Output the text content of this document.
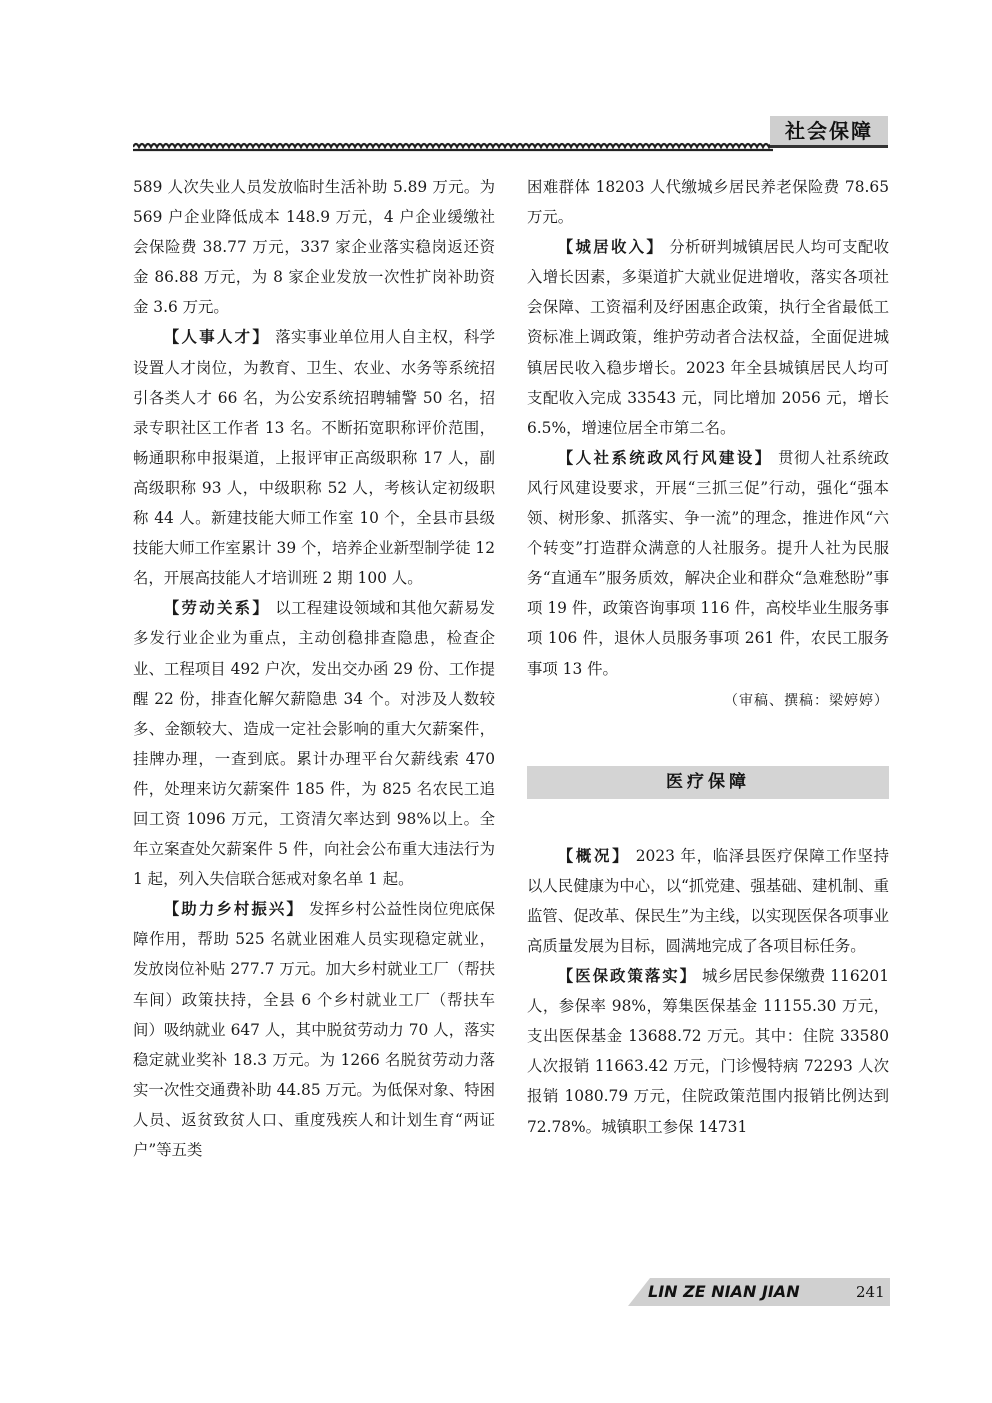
社会保障

589 人次失业人员发放临时生活补助 5.89 万元。为 569 户企业降低成本 148.9 万元，4 户企业缓缴社会保险费 38.77 万元，337 家企业落实稳岗返还资金 86.88 万元，为 8 家企业发放一次性扩岗补助资金 3.6 万元。

【人事人才】 落实事业单位用人自主权，科学设置人才岗位，为教育、卫生、农业、水务等系统招引各类人才 66 名，为公安系统招聘辅警 50 名，招录专职社区工作者 13 名。不断拓宽职称评价范围，畅通职称申报渠道，上报评审正高级职称 17 人，副高级职称 93 人，中级职称 52 人，考核认定初级职称 44 人。新建技能大师工作室 10 个，全县市县级技能大师工作室累计 39 个，培养企业新型制学徒 12 名，开展高技能人才培训班 2 期 100 人。

【劳动关系】 以工程建设领域和其他欠薪易发多发行业企业为重点，主动创稳排查隐患，检查企业、工程项目 492 户次，发出交办函 29 份、工作提醒 22 份，排查化解欠薪隐患 34 个。对涉及人数较多、金额较大、造成一定社会影响的重大欠薪案件，挂牌办理，一查到底。累计办理平台欠薪线索 470 件，处理来访欠薪案件 185 件，为 825 名农民工追回工资 1096 万元，工资清欠率达到 98%以上。全年立案查处欠薪案件 5 件，向社会公布重大违法行为 1 起，列入失信联合惩戒对象名单 1 起。

【助力乡村振兴】 发挥乡村公益性岗位兜底保障作用，帮助 525 名就业困难人员实现稳定就业，发放岗位补贴 277.7 万元。加大乡村就业工厂（帮扶车间）政策扶持，全县 6 个乡村就业工厂（帮扶车间）吸纳就业 647 人，其中脱贫劳动力 70 人，落实稳定就业奖补 18.3 万元。为 1266 名脱贫劳动力落实一次性交通费补助 44.85 万元。为低保对象、特困人员、返贫致贫人口、重度残疾人和计划生育“两证户”等五类

困难群体 18203 人代缴城乡居民养老保险费 78.65 万元。

【城居收入】 分析研判城镇居民人均可支配收入增长因素，多渠道扩大就业促进增收，落实各项社会保障、工资福利及纾困惠企政策，执行全省最低工资标准上调政策，维护劳动者合法权益，全面促进城镇居民收入稳步增长。2023 年全县城镇居民人均可支配收入完成 33543 元，同比增加 2056 元，增长 6.5%，增速位居全市第二名。

【人社系统政风行风建设】 贯彻人社系统政风行风建设要求，开展“三抓三促”行动，强化“强本领、树形象、抓落实、争一流”的理念，推进作风“六个转变”打造群众满意的人社服务。提升人社为民服务“直通车”服务质效，解决企业和群众“急难愁盼”事项 19 件，政策咨询事项 116 件，高校毕业生服务事项 106 件，退休人员服务事项 261 件，农民工服务事项 13 件。

（审稿、撰稿：梁婷婷）

医疗保障

【概况】 2023 年，临泽县医疗保障工作坚持以人民健康为中心，以“抓党建、强基础、建机制、重监管、促改革、保民生”为主线，以实现医保各项事业高质量发展为目标，圆满地完成了各项目标任务。

【医保政策落实】 城乡居民参保缴费 116201 人，参保率 98%，筹集医保基金 11155.30 万元，支出医保基金 13688.72 万元。其中：住院 33580 人次报销 11663.42 万元，门诊慢特病 72293 人次报销 1080.79 万元，住院政策范围内报销比例达到 72.78%。城镇职工参保 14731

LIN ZE NIAN JIAN	241
